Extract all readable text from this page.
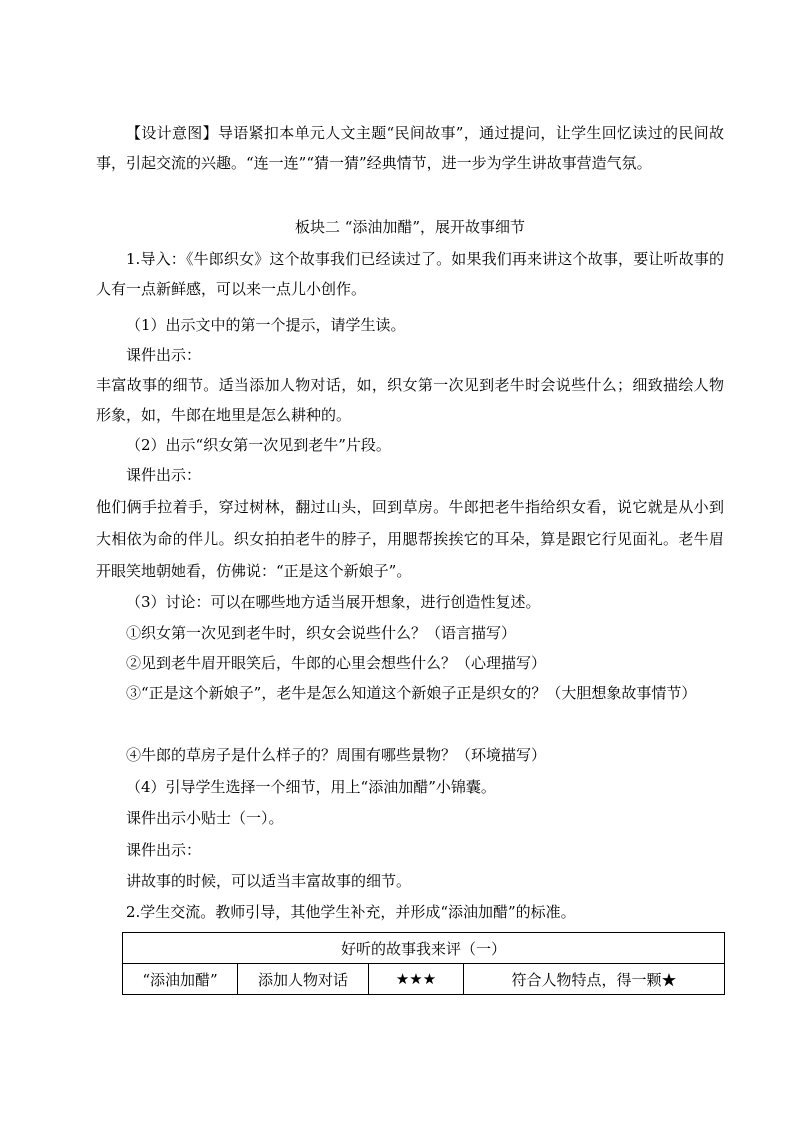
【设计意图】导语紧扣本单元人文主题“民间故事”，通过提问，让学生回忆读过的民间故事，引起交流的兴趣。“连一连”“猜一猜”经典情节，进一步为学生讲故事营造气氛。

板块二 “添油加醋”，展开故事细节

1.导入：《牛郎织女》这个故事我们已经读过了。如果我们再来讲这个故事，要让听故事的人有一点新鲜感，可以来一点儿小创作。

（1）出示文中的第一个提示，请学生读。

课件出示：

丰富故事的细节。适当添加人物对话，如，织女第一次见到老牛时会说些什么；细致描绘人物形象，如，牛郎在地里是怎么耕种的。

（2）出示“织女第一次见到老牛”片段。

课件出示：

他们俩手拉着手，穿过树林，翻过山头，回到草房。牛郎把老牛指给织女看，说它就是从小到大相依为命的伴儿。织女拍拍老牛的脖子，用腮帮挨挨它的耳朵，算是跟它行见面礼。老牛眉开眼笑地朝她看，仿佛说：“正是这个新娘子”。

（3）讨论：可以在哪些地方适当展开想象，进行创造性复述。

①织女第一次见到老牛时，织女会说些什么？（语言描写）

②见到老牛眉开眼笑后，牛郎的心里会想些什么？（心理描写）

③“正是这个新娘子”，老牛是怎么知道这个新娘子正是织女的？（大胆想象故事情节）

④牛郎的草房子是什么样子的？周围有哪些景物？（环境描写）

（4）引导学生选择一个细节，用上“添油加醋”小锦囊。

课件出示小贴士（一）。

课件出示：

讲故事的时候，可以适当丰富故事的细节。

2.学生交流。教师引导，其他学生补充，并形成“添油加醋”的标准。

好听的故事我来评（一）
“添油加醋”	添加人物对话	★★★	符合人物特点，得一颗★
